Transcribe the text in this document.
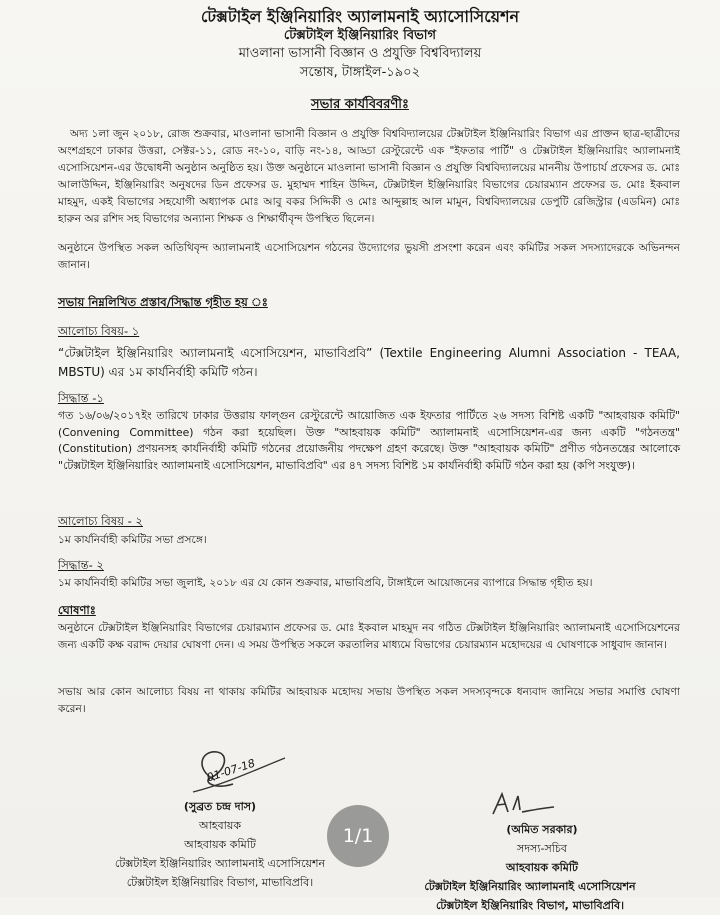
টেক্সটাইল ইঞ্জিনিয়ারিং অ্যালামনাই অ্যাসোসিয়েশন
টেক্সটাইল ইঞ্জিনিয়ারিং বিভাগ
মাওলানা ভাসানী বিজ্ঞান ও প্রযুক্তি বিশ্ববিদ্যালয়
সন্তোষ, টাঙ্গাইল-১৯০২
সভার কার্যবিবরণীঃ
অদ্য ১লা জুন ২০১৮, রোজ শুক্রবার, মাওলানা ভাসানী বিজ্ঞান ও প্রযুক্তি বিশ্ববিদ্যালয়ের টেক্সটাইল ইঞ্জিনিয়ারিং বিভাগ এর প্রাক্তন ছাত্র-ছাত্রীদের অংশগ্রহণে ঢাকার উত্তরা, সেক্টর-১১, রোড নং-১০, বাড়ি নং-১৪, আড্ডা রেস্টুরেন্টে এক "ইফতার পার্টি" ও টেক্সটাইল ইঞ্জিনিয়ারিং অ্যালামনাই এসোসিয়েশন-এর উদ্বোধনী অনুষ্ঠান অনুষ্ঠিত হয়। উক্ত অনুষ্ঠানে মাওলানা ভাসানী বিজ্ঞান ও প্রযুক্তি বিশ্ববিদ্যালয়ের মাননীয় উপাচার্য প্রফেসর ড. মোঃ আলাউদ্দিন, ইঞ্জিনিয়ারিং অনুষদের ডিন প্রফেসর ড. মুহাম্মদ শাহিন উদ্দিন, টেক্সটাইল ইঞ্জিনিয়ারিং বিভাগের চেয়ারম্যান প্রফেসর ড. মোঃ ইকবাল মাহমুদ, একই বিভাগের সহযোগী অধ্যাপক মোঃ আবু বকর সিদ্দিকী ও মোঃ আব্দুল্লাহ আল মামুন, বিশ্ববিদ্যালয়ের ডেপুটি রেজিস্ট্রার (এডমিন) মোঃ হারুন অর রশিদ সহ বিভাগের অন্যান্য শিক্ষক ও শিক্ষার্থীবৃন্দ উপস্থিত ছিলেন।
অনুষ্ঠানে উপস্থিত সকল অতিথিবৃন্দ অ্যালামনাই এসোসিয়েশন গঠনের উদ্যোগের ভুয়সী প্রসংশা করেন এবং কমিটির সকল সদস্যাদেরকে অভিনন্দন জানান।
সভায় নিম্নলিখিত প্রস্তাব/সিদ্ধান্ত গৃহীত হয় ঃ
আলোচ্য বিষয়- ১
“টেক্সটাইল ইঞ্জিনিয়ারিং অ্যালামনাই এসোসিয়েশন, মাভাবিপ্রবি” (Textile Engineering Alumni Association - TEAA, MBSTU) এর ১ম কার্যনির্বাহী কমিটি গঠন।
সিদ্ধান্ত -১
গত ১৬/০৬/২০১৭ইং তারিখে ঢাকার উত্তরায় ফাল্গুন রেস্টুরেন্টে আয়োজিত এক ইফতার পার্টিতে ২৬ সদস্য বিশিষ্ট একটি "আহবায়ক কমিটি" (Convening Committee) গঠন করা হয়েছিল। উক্ত "আহবায়ক কমিটি" অ্যালামনাই এসোসিয়েশন-এর জন্য একটি "গঠনতন্ত্র" (Constitution) প্রণয়নসহ কার্যনির্বাহী কমিটি গঠনের প্রয়োজনীয় পদক্ষেপ গ্রহণ করেছে। উক্ত "আহবায়ক কমিটি" প্রণীত গঠনতন্ত্রের আলোকে "টেক্সটাইল ইঞ্জিনিয়ারিং অ্যালামনাই এসোসিয়েশন, মাভাবিপ্রবি" এর ৪৭ সদস্য বিশিষ্ট ১ম কার্যনির্বাহী কমিটি গঠন করা হয় (কপি সংযুক্ত)।
আলোচ্য বিষয় - ২
১ম কার্যনির্বাহী কমিটির সভা প্রসঙ্গে।
সিদ্ধান্ত- ২
১ম কার্যনির্বাহী কমিটির সভা জুলাই, ২০১৮ এর যে কোন শুক্রবার, মাভাবিপ্রবি, টাঙ্গাইলে আয়োজনের ব্যাপারে সিদ্ধান্ত গৃহীত হয়।
ঘোষণাঃ
অনুষ্ঠানে টেক্সটাইল ইঞ্জিনিয়ারিং বিভাগের চেয়ারম্যান প্রফেসর ড. মোঃ ইকবাল মাহমুদ নব গঠিত টেক্সটাইল ইঞ্জিনিয়ারিং অ্যালামনাই এসোসিয়েশনের জন্য একটি কক্ষ বরাদ্দ দেয়ার ঘোষণা দেন। এ সময় উপস্থিত সকলে করতালির মাধ্যমে বিভাগের চেয়ারম্যান মহোদয়ের এ ঘোষণাকে সাধুবাদ জানান।
সভায় আর কোন আলোচ্য বিষয় না থাকায় কমিটির আহবায়ক মহোদয় সভায় উপস্থিত সকল সদস্যবৃন্দকে ধন্যবাদ জানিয়ে সভার সমাপ্তি ঘোষণা করেন।
01-07-18
(সুব্রত চন্দ্র দাস)
আহবায়ক
আহবায়ক কমিটি
টেক্সটাইল ইঞ্জিনিয়ারিং অ্যালামনাই এসোসিয়েশন
টেক্সটাইল ইঞ্জিনিয়ারিং বিভাগ, মাভাবিপ্রবি।
(অমিত সরকার)
সদস্য-সচিব
আহবায়ক কমিটি
টেক্সটাইল ইঞ্জিনিয়ারিং অ্যালামনাই এসোসিয়েশন
টেক্সটাইল ইঞ্জিনিয়ারিং বিভাগ, মাভাবিপ্রবি।
1/1
